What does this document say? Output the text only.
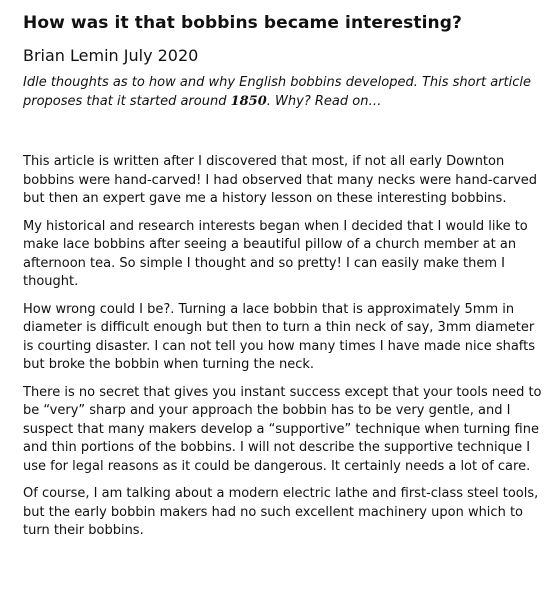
How was it that bobbins became interesting?
Brian Lemin July 2020
Idle thoughts as to how and why English bobbins developed. This short article proposes that it started around 1850. Why? Read on…

This article is written after I discovered that most, if not all early Downton bobbins were hand-carved! I had observed that many necks were hand-carved but then an expert gave me a history lesson on these interesting bobbins.

My historical and research interests began when I decided that I would like to make lace bobbins after seeing a beautiful pillow of a church member at an afternoon tea. So simple I thought and so pretty! I can easily make them I thought.

How wrong could I be?. Turning a lace bobbin that is approximately 5mm in diameter is difficult enough but then to turn a thin neck of say, 3mm diameter is courting disaster. I can not tell you how many times I have made nice shafts but broke the bobbin when turning the neck.

There is no secret that gives you instant success except that your tools need to be “very” sharp and your approach the bobbin has to be very gentle, and I suspect that many makers develop a “supportive” technique when turning fine and thin portions of the bobbins. I will not describe the supportive technique I use for legal reasons as it could be dangerous. It certainly needs a lot of care.

Of course, I am talking about a modern electric lathe and first-class steel tools, but the early bobbin makers had no such excellent machinery upon which to turn their bobbins.
